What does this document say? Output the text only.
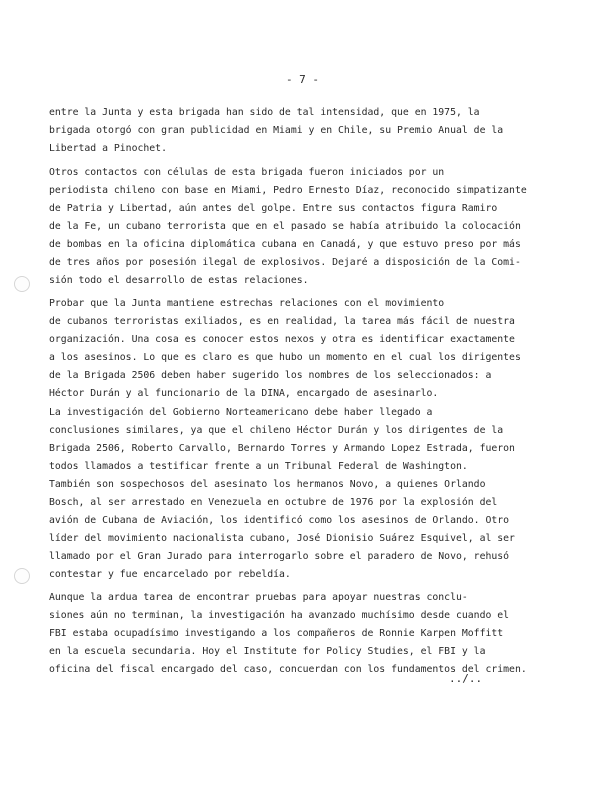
- 7 -
entre la Junta y esta brigada han sido de tal intensidad, que en 1975, la
brigada otorgó con gran publicidad en Miami y en Chile, su Premio Anual de la
Libertad a Pinochet.
Otros contactos con células de esta brigada fueron iniciados por un
periodista chileno con base en Miami, Pedro Ernesto Díaz, reconocido simpatizante
de Patria y Libertad, aún antes del golpe. Entre sus contactos figura Ramiro
de la Fe, un cubano terrorista que en el pasado se había atribuido la colocación
de bombas en la oficina diplomática cubana en Canadá, y que estuvo preso por más
de tres años por posesión ilegal de explosivos. Dejaré a disposición de la Comi-
sión todo el desarrollo de estas relaciones.
Probar que la Junta mantiene estrechas relaciones con el movimiento
de cubanos terroristas exiliados, es en realidad, la tarea más fácil de nuestra
organización. Una cosa es conocer estos nexos y otra es identificar exactamente
a los asesinos. Lo que es claro es que hubo un momento en el cual los dirigentes
de la Brigada 2506 deben haber sugerido los nombres de los seleccionados: a
Héctor Durán y al funcionario de la DINA, encargado de asesinarlo.
La investigación del Gobierno Norteamericano debe haber llegado a
conclusiones similares, ya que el chileno Héctor Durán y los dirigentes de la
Brigada 2506, Roberto Carvallo, Bernardo Torres y Armando Lopez Estrada, fueron
todos llamados a testificar frente a un Tribunal Federal de Washington.
También son sospechosos del asesinato los hermanos Novo, a quienes Orlando
Bosch, al ser arrestado en Venezuela en octubre de 1976 por la explosión del
avión de Cubana de Aviación, los identificó como los asesinos de Orlando. Otro
líder del movimiento nacionalista cubano, José Dionisio Suárez Esquivel, al ser
llamado por el Gran Jurado para interrogarlo sobre el paradero de Novo, rehusó
contestar y fue encarcelado por rebeldía.
Aunque la ardua tarea de encontrar pruebas para apoyar nuestras conclu-
siones aún no terminan, la investigación ha avanzado muchísimo desde cuando el
FBI estaba ocupadísimo investigando a los compañeros de Ronnie Karpen Moffitt
en la escuela secundaria. Hoy el Institute for Policy Studies, el FBI y la
oficina del fiscal encargado del caso, concuerdan con los fundamentos del crimen.
../..
